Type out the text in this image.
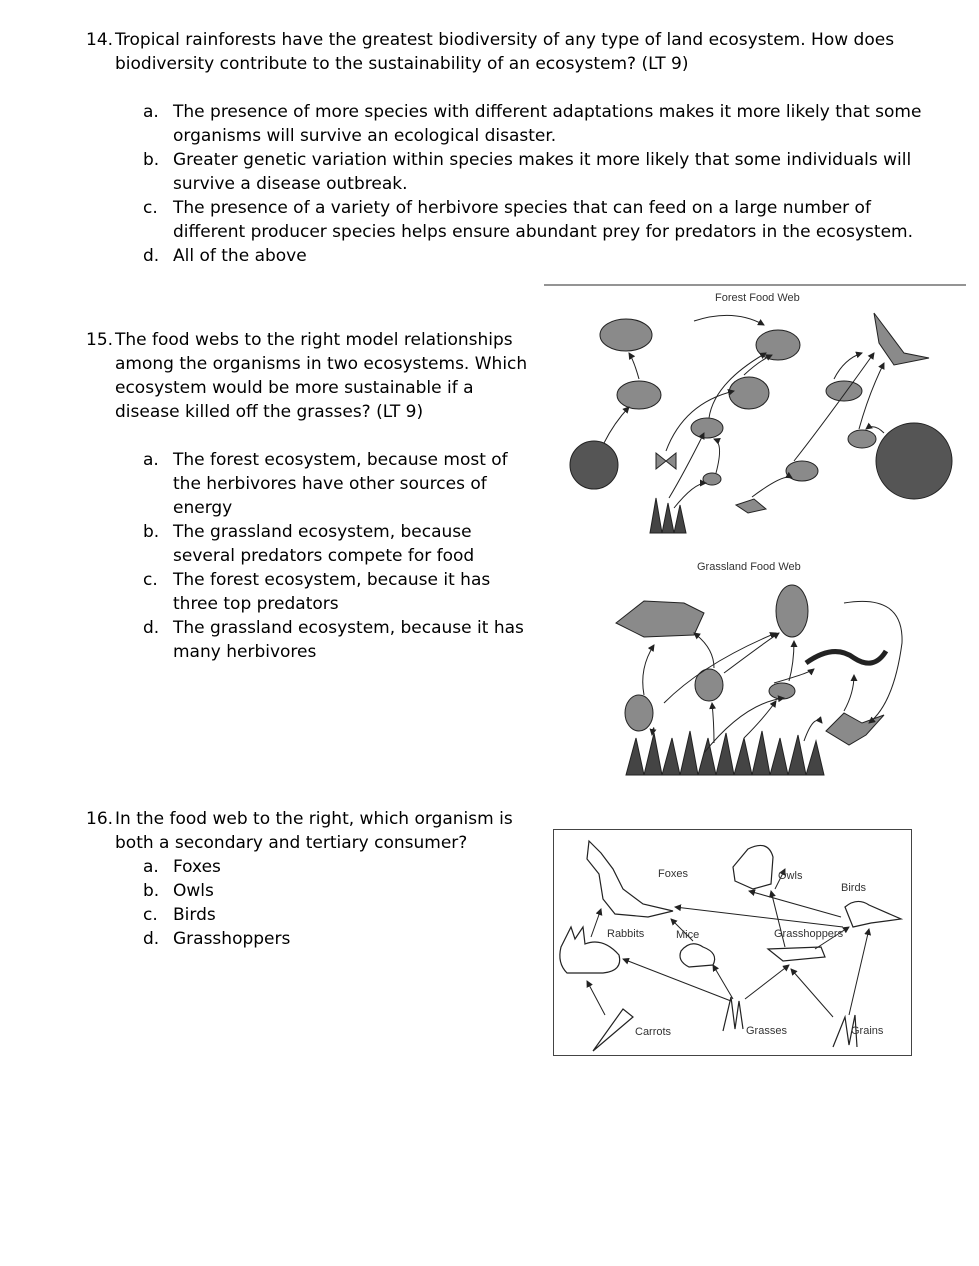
14. Tropical rainforests have the greatest biodiversity of any type of land ecosystem. How does biodiversity contribute to the sustainability of an ecosystem? (LT 9)
a. The presence of more species with different adaptations makes it more likely that some organisms will survive an ecological disaster.
b. Greater genetic variation within species makes it more likely that some individuals will survive a disease outbreak.
c. The presence of a variety of herbivore species that can feed on a large number of different producer species helps ensure abundant prey for predators in the ecosystem.
d. All of the above
15. The food webs to the right model relationships among the organisms in two ecosystems. Which ecosystem would be more sustainable if a disease killed off the grasses? (LT 9)
a. The forest ecosystem, because most of the herbivores have other sources of energy
b. The grassland ecosystem, because several predators compete for food
c. The forest ecosystem, because it has three top predators
d. The grassland ecosystem, because it has many herbivores
Forest Food Web
Grassland Food Web
16. In the food web to the right, which organism is both a secondary and tertiary consumer?
a. Foxes
b. Owls
c. Birds
d. Grasshoppers
Foxes	Owls
Birds
Rabbits	Mice	Grasshoppers
Carrots	Grasses	Grains
